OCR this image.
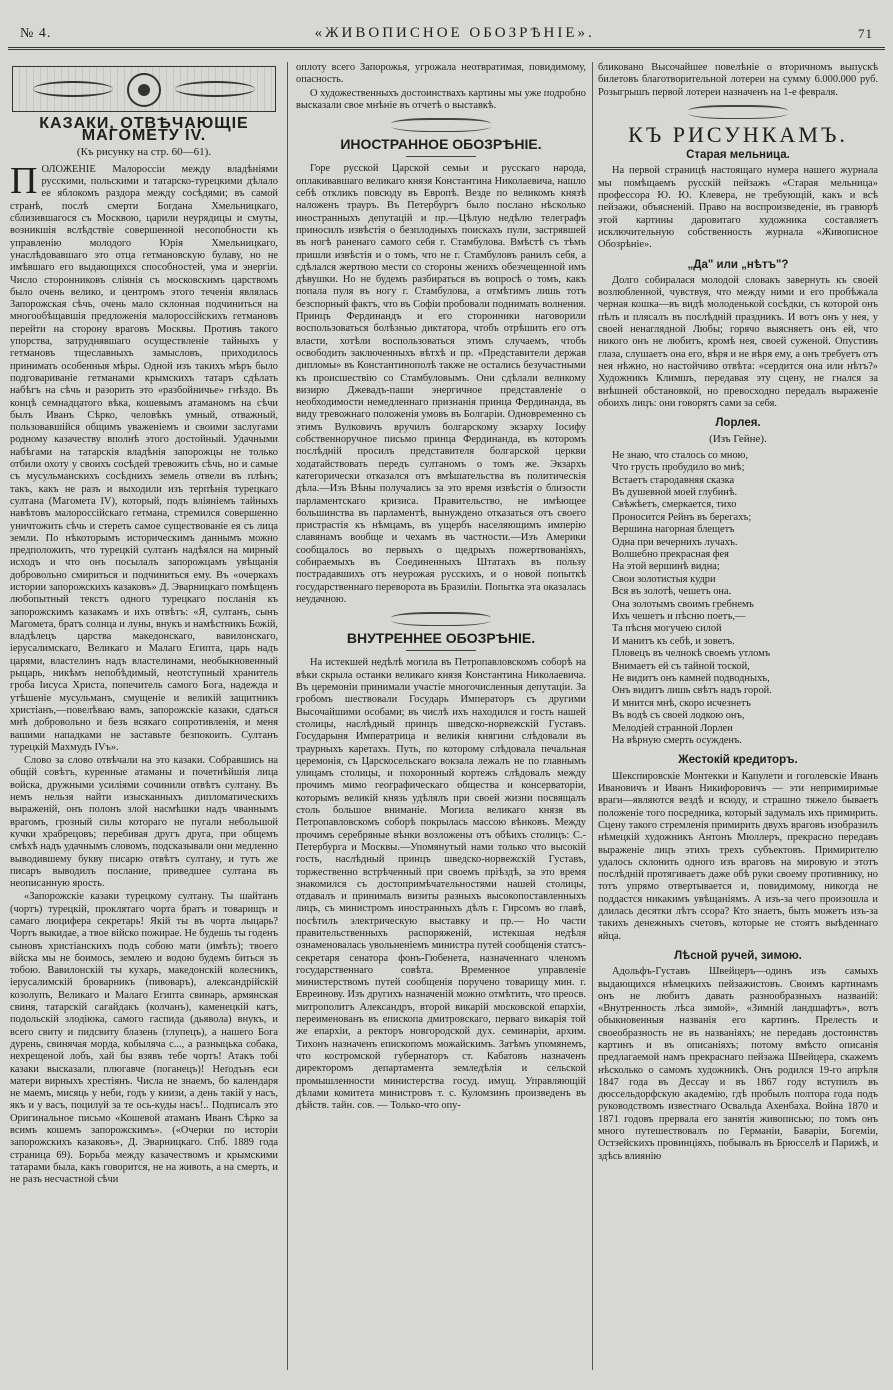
№ 4.	«ЖИВОПИСНОЕ ОБОЗРѢНІЕ».	71
КАЗАКИ, ОТВѢЧАЮЩІЕ МАГОМЕТУ IV.
(Къ рисунку на стр. 60—61).
ПОЛОЖЕНІЕ Малороссіи между владѣніями русскими, польскими и татарско-турецкими дѣлало ее яблокомъ раздора между сосѣдями; въ самой странѣ, послѣ смерти Богдана Хмельницкаго, сблизившагося съ Москвою, царили неурядицы и смуты, возникшія вслѣдствіе совершенной несопобности къ управленію молодого Юрія Хмельницкаго, унаслѣдовавшаго это отца гетмановскую булаву, но не имѣвшаго его выдающихся способностей, ума и энергіи. Число сторонниковъ сліянія съ московскимъ царствомъ было очень велико, и центромъ этого теченія являлась Запорожская сѣчь, очень мало склонная подчиниться на многообѣщавшія предложенія малороссійскихъ гетмановъ перейти на сторону враговъ Москвы. Противъ такого упорства, затруднявшаго осуществленіе тайныхъ у гетмановъ тщеславныхъ замысловъ, приходилось принимать особенныя мѣры. Одной изъ такихъ мѣръ было подговариваніе гетманами крымскихъ татаръ сдѣлать набѣгъ на сѣчь и разорить это «разбойничье» гнѣздо. Въ концѣ семнадцатого вѣка, кошевымъ атаманомъ на сѣчи былъ Иванъ Сѣрко, человѣкъ умный, отважный, пользовавшійся общимъ уваженіемъ и своими заслугами родному казачеству вполнѣ этого достойный. Удачными набѣгами на татарскія владѣнія запорожцы не только отбили охоту у своихъ сосѣдей тревожить сѣчь, но и самые съ мусульманскихъ сосѣднихъ земель отвели въ плѣнъ; такъ, какъ не разъ и выходили изъ терпѣнія турецкаго султана (Магомета IV), который, подъ вліяніемъ тайныхъ навѣтовъ малороссійскаго гетмана, стремился совершенно уничтожить сѣчь и стереть самое существованіе ея съ лица земли. По нѣкоторымъ историческимъ даннымъ можно предположить, что турецкій султанъ надѣялся на мирный исходъ и что онъ посылалъ запорожцамъ увѣщанія добровольно смириться и подчиниться ему. Въ «очеркахъ истории запорожскихъ казаковъ» Д. Эварницкаго помѣщенъ любопытный текстъ одного турецкаго посланія къ запорожскимъ казакамъ и ихъ отвѣтъ: «Я, султанъ, сынъ Магомета, братъ солнца и луны, внукъ и намѣстникъ Божій, владѣлецъ царства македонскаго, вавилонскаго, іерусалимскаго, Великаго и Малаго Египта, царь надъ царями, властелинъ надъ властелинами, необыкновенный рыцарь, никѣмъ непобѣдимый, неотступный хранитель гроба Іисуса Христа, попечитель самого Бога, надежда и утѣшеніе мусульманъ, смущеніе и великій защитникъ христіанъ,—повелѣваю вамъ, запорожскіе казаки, сдаться мнѣ добровольно и безъ всякаго сопротивленія, и меня вашими нападками не заставьте безпокоить. Султанъ турецкій Махмудъ IVъ».
Слово за слово отвѣчали на это казаки. Собравшись на общій совѣтъ, куренные атаманы и почетнѣйшія лица войска, дружными усиліями сочинили отвѣтъ султану. Въ немъ нельзя найти изысканныхъ дипломатическихъ выраженій, онъ полонъ злой насмѣшки надъ чваннымъ врагомъ, грозный силы котораго не пугали небольшой кучки храбрецовъ; перебивая другъ друга, при общемъ смѣхѣ надъ удачнымъ словомъ, подсказывали они медленно выводившему букву писарю отвѣтъ султану, и тутъ же писаръ выводилъ послание, приведшее султана въ неописанную ярость.
«Запорожскіе казаки турецкому султану. Ты шайтанъ (чортъ) турецкій, проклятаго чорта братъ и товарищъ и самаго люцифера секретарь! Якій ты въ чорта лыцарь? Чортъ выкидае, а твое війско пожирае. Не будешь ты годенъ сыновъ христіанскихъ подъ собою мати (имѣть); твоего війска мы не боимось, землею и водою будемъ биться зъ тобою. Вавилонскій ты кухарь, македонскій колесникъ, іерусалимскій броварникъ (пивоваръ), александрійскій козолупъ, Великаго и Малаго Египта свинарь, армянская свиня, татарскій сагайдакъ (колчанъ), каменецкій катъ, подольскій злодіюка, самого гаспида (дьявола) внукъ, и всего свиту и пидсвиту блазень (глупецъ), а нашего Бога дурень, свинячая морда, кобыляча с..., а разныцька собака, нехрещеной лобъ, хай бы взявъ тебе чортъ! Атакъ тобі казаки высказали, плюгавче (поганецъ)! Неґодънъ еси матери вирныхъ хрестіянъ. Числа не знаемъ, бо календаря не маемъ, мисяць у неби, годъ у книзи, а день такій у насъ, якъ и у васъ, поцилуй за те ось-куды насъ!.. Подписалъ это Оригинальное письмо «Кошевой атаманъ Иванъ Сѣрко за всимъ кошемъ запорожскимъ». («Очерки по исторіи запорожскихъ казаковъ», Д. Эварницкаго. Спб. 1889 года страница 69). Борьба между казачествомъ и крымскими татарами была, какъ говорится, не на животь, а на смерть, и не разъ несчастной сѣчи
оплоту всего Запорожья, угрожала неотвратимая, повидимому, опасность.
О художественныхъ достоинствахъ картины мы уже подробно высказали свое мнѣніе въ отчетѣ о выставкѣ.
ИНОСТРАННОЕ ОБОЗРѢНІЕ.
Горе русской Царской семьи и русскаго народа, оплакивавшаго великаго князя Константина Николаевича, нашло себѣ откликъ повсюду въ Европѣ. Везде по великомъ князѣ наложенъ трауръ. Въ Петербургъ было послано нѣсколько иностранныхъ депутацій и пр.—Цѣлую недѣлю телеграфъ приносилъ извѣстія о безплодныхъ поискахъ пули, застрявшей въ ногѣ раненаго самого себя г. Стамбулова. Вмѣстѣ съ тѣмъ пришли извѣстія и о томъ, что не г. Стамбуловъ ранилъ себя, а сдѣлался жертвою мести со стороны женихъ обезчещенной имъ дѣвушки. Но не будемъ разбираться въ вопросѣ о томъ, какъ попала пуля въ ногу г. Стамбулова, а отмѣтимъ лишь тотъ безспорный фактъ, что въ Софіи пробовали поднимать волнения. Принцъ Фердинандъ и его сторонники наговорили воспользоваться болѣзнью диктатора, чтобъ отрѣшить его отъ власти, хотѣли воспользоваться этимъ случаемъ, чтобъ освободить заключенныхъ вѣтхѣ и пр. «Представители держав дипломы» въ Константинополѣ также не остались безучастными къ происшествію со Стамбуловымъ. Они сдѣлали великому визирю Джевадъ-паши энергичное представленіе о необходимости немедленнаго признанія принца Фердинанда, въ виду тревожнаго положенія умовъ въ Болгаріи. Одновременно съ этимъ Вулковичъ вручилъ болгарскому экзарху Іосифу собственноручное письмо принца Фердинанда, въ которомъ послѣдній просилъ представителя болгарской церкви ходатайствовать передъ султаномъ о томъ же. Экзархъ категорически отказался отъ вмѣшательства въ политическія дѣла.—Изъ Вѣны получались за это время извѣстія о близости парламентскаго кризиса. Правительство, не имѣющее большинства въ парламентѣ, вынуждено отказаться отъ своего пристрастія къ нѣмцамъ, въ ущербъ населяющимъ имперію славянамъ вообще и чехамъ въ частности.—Изъ Америки сообщалось во первыхъ о щедрыхъ пожертвованіяхъ, собираемыхъ въ Соединенныхъ Штатахъ въ пользу пострадавшихъ отъ неурожая русскихъ, и о новой попыткѣ государственнаго переворота въ Бразиліи. Попытка эта оказалась неудачною.
ВНУТРЕННЕЕ ОБОЗРѢНІЕ.
На истекшей недѣлѣ могила въ Петропавловскомъ соборѣ на вѣки скрыла останки великаго князя Константина Николаевича. Въ церемоніи принимали участіе многочисленныя депутаціи. За гробомъ шествовали Государь Императоръ съ другими Высочайшими особами; въ числѣ ихъ находился и гость нашей столицы, наслѣдный принцъ шведско-норвежскій Густавъ. Государыня Императрица и великія княгини слѣдовали въ траурныхъ каретахъ. Путь, по которому слѣдовала печальная церемонія, съ Царскосельскаго вокзала лежалъ не по главнымъ улицамъ столицы, и похоронный кортежъ слѣдовалъ между прочимъ мимо географическаго общества и консерваторіи, которымъ великій князь удѣлялъ при своей жизни посвящалъ столь большое вниманіе. Могила великаго князя въ Петропавловскомъ соборѣ покрылась массою вѣнковъ. Между прочимъ серебряные вѣнки возложены отъ обѣихъ столицъ: С.-Петербурга и Москвы.—Упомянутый нами только что высокій гость, наслѣдный принцъ шведско-норвежскій Густавъ, торжественно встрѣченный при своемъ пріѣздѣ, за это время знакомился съ достопримѣчательностями нашей столицы, отдавалъ и принималъ визиты разныхъ высокопоставленныхъ лицъ, съ министромъ иностранныхъ дѣлъ г. Гирсомъ во главѣ, посѣтилъ электрическую выставку и пр.— Но части правительственныхъ распоряженій, истекшая недѣля ознаменовалась увольненіемъ министра путей сообщенія статсъ-секретаря сенатора фонъ-Гюбенета, назначеннаго членомъ государственнаго совѣта. Временное управленіе министерствомъ путей сообщенія поручено товарищу мин. г. Евреинову. Изъ другихъ назначеній можно отмѣтить, что преосв. митрополитъ Александръ, второй викарій московской епархіи, переименованъ въ епископа дмитровскаго, перваго викарія той же епархіи, а ректоръ новгородской дух. семинаріи, архим. Тихонъ назначенъ епископомъ можайскимъ. Затѣмъ упомянемъ, что костромской губернаторъ ст. Кабатовъ назначенъ директоромъ департамента земледѣлія и сельской промышленности министерства госуд. имущ. Управляющій дѣлами комитета министровъ т. с. Куломзинъ произведенъ въ дѣйств. тайн. сов. — Только-что опу-
бликовано Высочайшее повелѣніе о вторичномъ выпускѣ билетовъ благотворительной лотереи на сумму 6.000.000 руб. Розыгрышъ первой лотереи назначенъ на 1-е февраля.
КЪ РИСУНКАМЪ.
Старая мельница.
На первой страницѣ настоящаго нумера нашего журнала мы помѣщаемъ русскій пейзажъ «Старая мельница» профессора Ю. Ю. Клевера, не требующій, какъ и всѣ пейзажи, объясненій. Право на воспроизведеніе, въ гравюрѣ этой картины даровитаго художника составляетъ исключительную собственность журнала «Живописное Обозрѣніе».
„Да" или „нѣтъ"?
Долго собиралася молодой словакъ завернуть къ своей возлюбленной, чувствуя, что между ними и его пробѣжала черная кошка—въ видѣ молоденькой сосѣдки, съ которой онъ пѣлъ и плясалъ въ послѣдній праздникъ. И вотъ онъ у нея, у своей ненаглядной Любы; горячо выясняетъ онъ ей, что никого онъ не любитъ, кромѣ нея, своей суженой. Опустивъ глаза, слушаетъ она его, вѣря и не вѣря ему, а онъ требуетъ отъ нея нѣжно, но настойчиво отвѣта: «сердится она или нѣтъ?» Художникъ Климшъ, передавая эту сцену, не гнался за внѣшней обстановкой, но превосходно передалъ выраженіе обоихъ лицъ: они говорятъ сами за себя.
Лорлея.
(Изъ Гейне).
Не знаю, что сталось со мною,
Что грусть пробудило во мнѣ;
Встаетъ стародавняя сказка
Въ душевной моей глубинѣ.
Свѣжѣетъ, смеркается, тихо
Проносится Рейнъ въ берегахъ;
Вершина нагорная блещетъ
Одна при вечернихъ лучахъ.
Волшебно прекрасная фея
На этой вершинѣ видна;
Свои золотистыя кудри
Вся въ золотѣ, чешетъ она.
Она золотымъ своимъ гребнемъ
Ихъ чешетъ и пѣсню поетъ,—
Та пѣсня могучею силой
И манитъ къ себѣ, и зоветъ.
Пловецъ въ челнокѣ своемъ утломъ
Внимаетъ ей съ тайной тоской,
Не видитъ онъ камней подводныхъ,
Онъ видитъ лишь свѣтъ надъ горой.
И мнится мнѣ, скоро исчезнетъ
Въ водѣ съ своей лодкою онъ,
Мелодіей странной Лорлеи
На вѣрную смерть осужденъ.
Жестокій кредиторъ.
Шекспировскіе Монтекки и Капулети и гоголевскіе Иванъ Ивановичъ и Иванъ Никифоровичъ — эти непримиримые враги—являются вездѣ и всюду, и страшно тяжело бываетъ положеніе того посредника, который задумалъ ихъ примирить. Сцену такого стремленія примирить двухъ враговъ изобразилъ нѣмецкій художникъ Антонъ Мюллеръ, прекрасно передавъ выраженіе лицъ этихъ трехъ субъектовъ. Примирителю удалось склонить одного изъ враговъ на мировую и этотъ послѣдній протягиваетъ даже обѣ руки своему противнику, но тотъ упрямо отвертывается и, повидимому, никогда не поддастся никакимъ увѣщаніямъ. А изъ-за чего произошла и длилась десятки лѣтъ ссора? Кто знаетъ, быть можетъ изъ-за такихъ денежныхъ счетовъ, которые не стоятъ выѣденнаго яйца.
Лѣсной ручей, зимою.
Адольфъ-Густавъ Швейцеръ—одинъ изъ самыхъ выдающихся нѣмецкихъ пейзажистовъ. Своимъ картинамъ онъ не любитъ давать разнообразныхъ названій: «Внутренность лѣса зимой», «Зимній ландшафтъ», вотъ обыкновенныя названія его картинъ. Прелесть и своеобразность не въ названіяхъ; не передавъ достоинствъ картинъ и въ описаніяхъ; потому вмѣсто описанія предлагаемой намъ прекраснаго пейзажа Швейцера, скажемъ нѣсколько о самомъ художникѣ. Онъ родился 19-го апрѣля 1847 года въ Дессау и въ 1867 году вступилъ въ дюссельдорфскую академію, гдѣ пробылъ полтора года подъ руководствомъ известнаго Освальда Ахенбаха. Война 1870 и 1871 годовъ прервала его занятія живописью; по томъ онъ много путешествовалъ по Германіи, Баваріи, Богеміи, Остзейскихъ провинціяхъ, побывалъ въ Брюсселѣ и Парижѣ, и здѣсь влиянію
